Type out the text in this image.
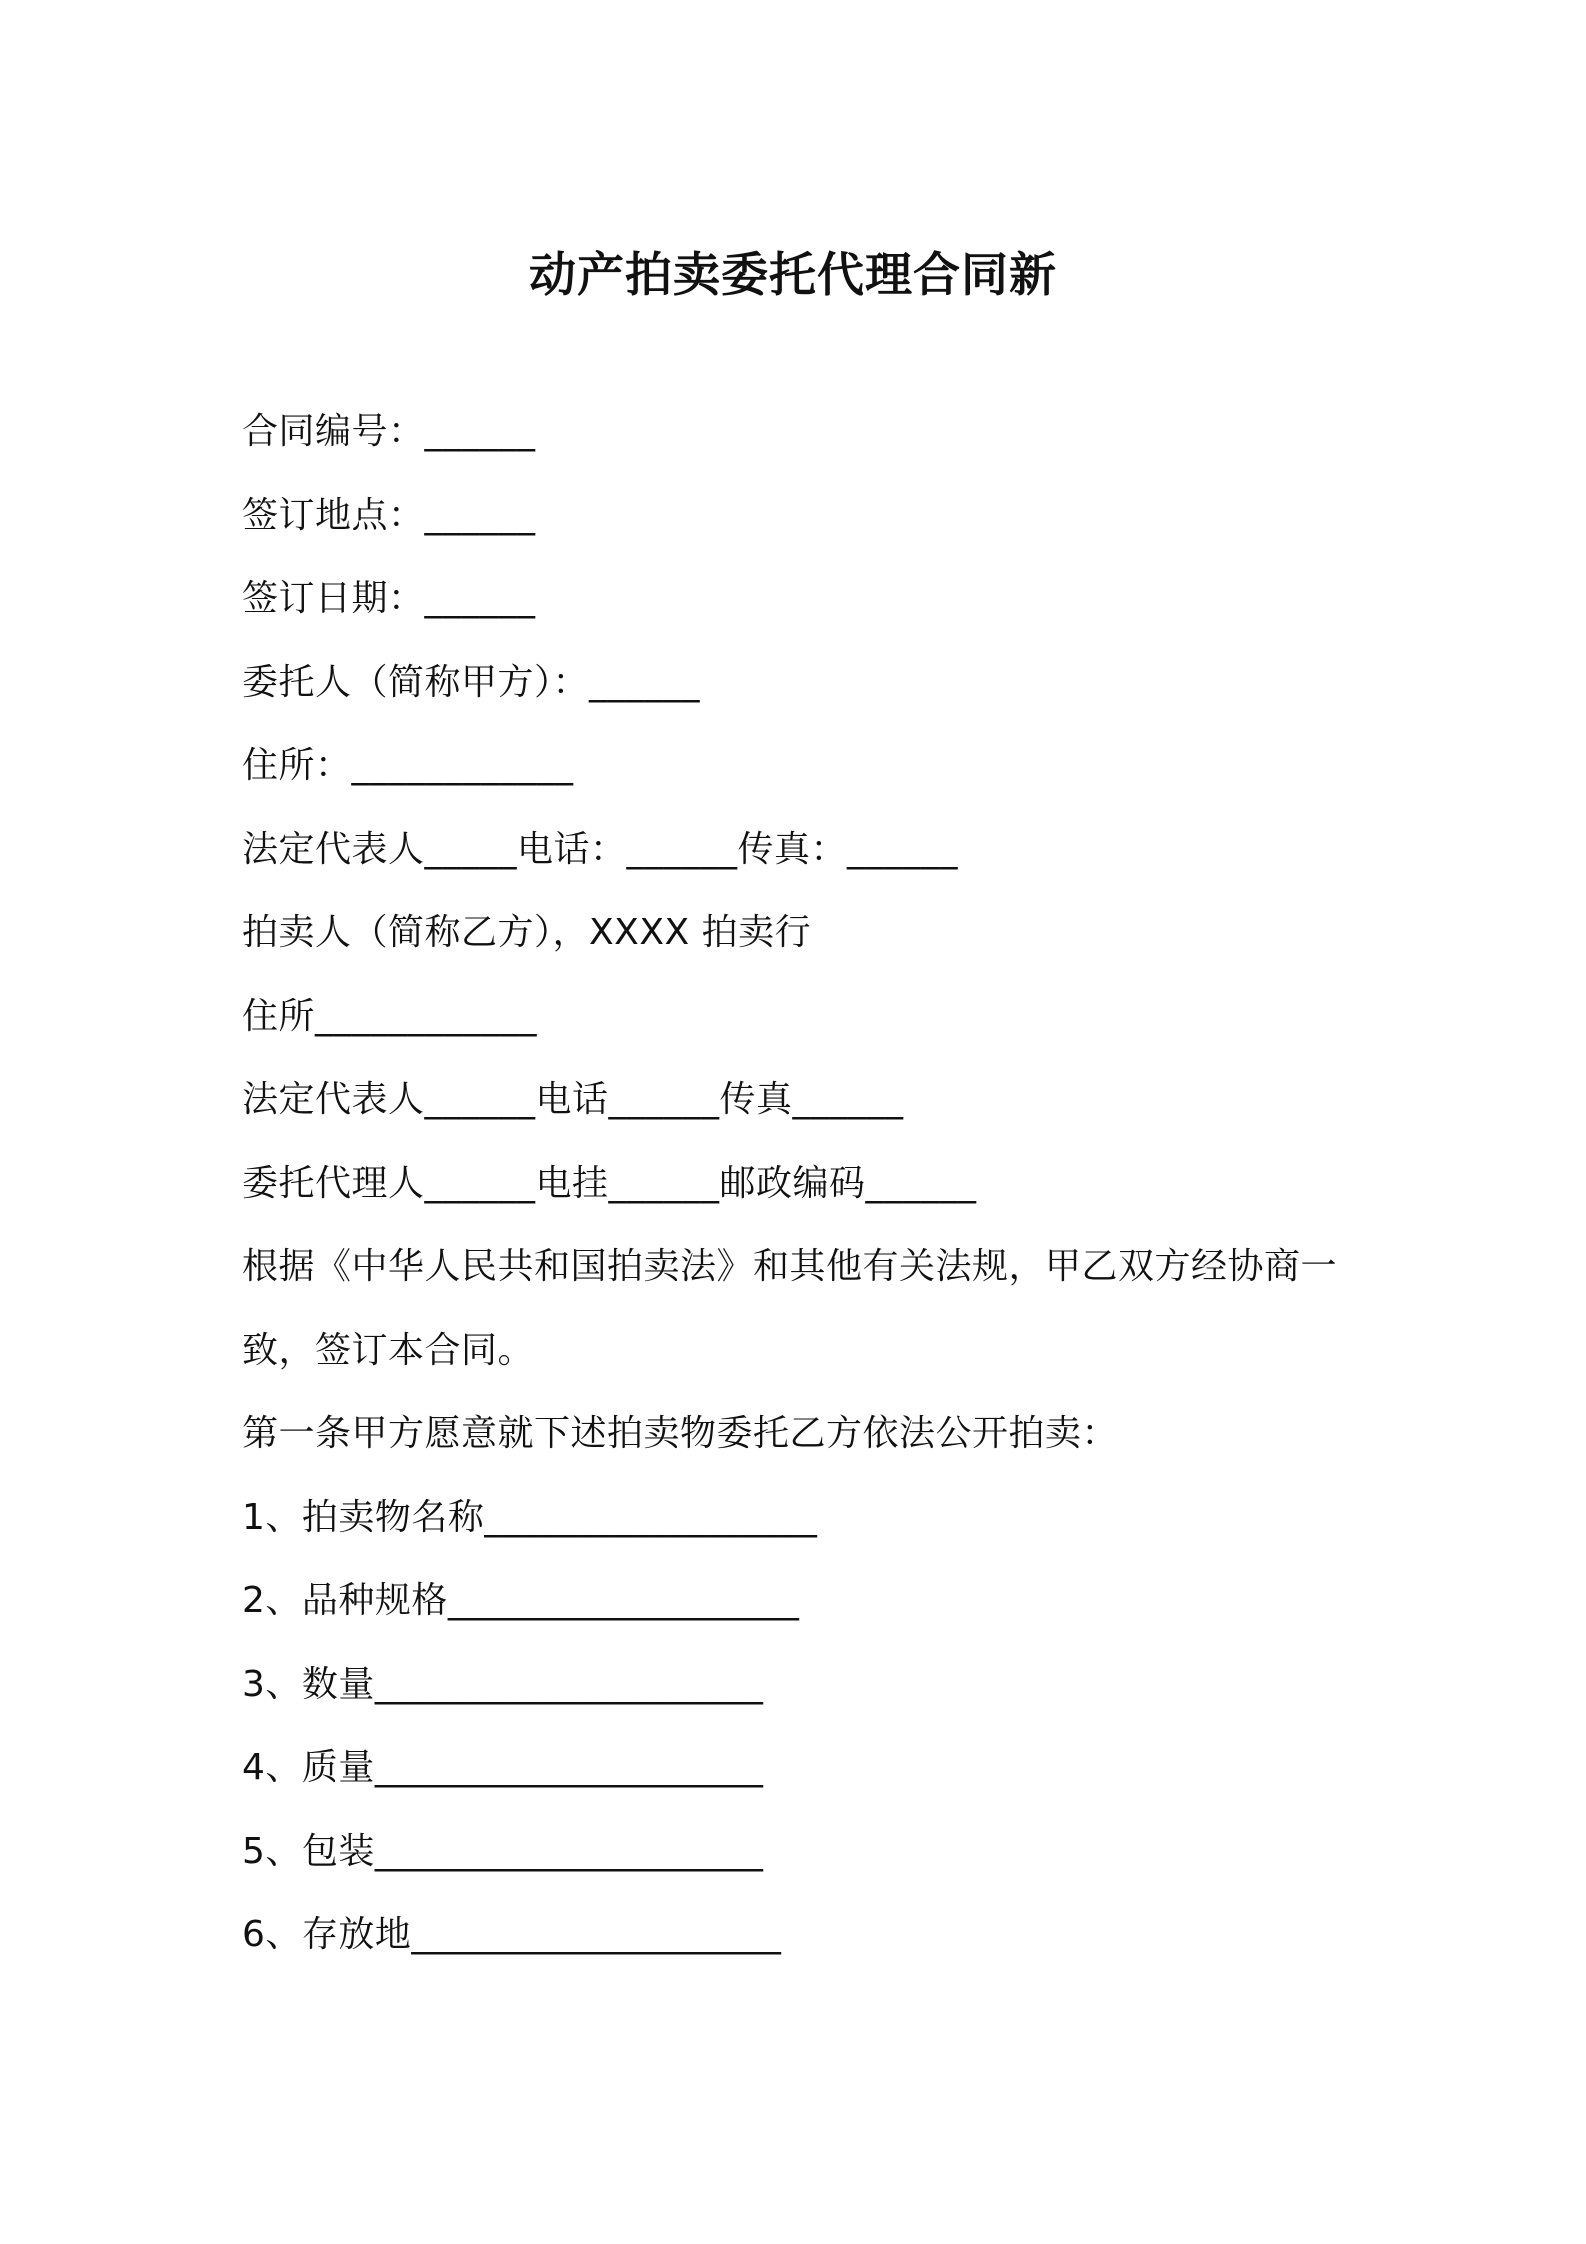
动产拍卖委托代理合同新
合同编号：______
签订地点：______
签订日期：______
委托人（简称甲方）：______
住所：____________
法定代表人_____电话：______传真：______
拍卖人（简称乙方），XXXX 拍卖行
住所____________
法定代表人______电话______传真______
委托代理人______电挂______邮政编码______
根据《中华人民共和国拍卖法》和其他有关法规，甲乙双方经协商一
致，签订本合同。
第一条甲方愿意就下述拍卖物委托乙方依法公开拍卖：
1、拍卖物名称__________________
2、品种规格___________________
3、数量_____________________
4、质量_____________________
5、包装_____________________
6、存放地____________________
